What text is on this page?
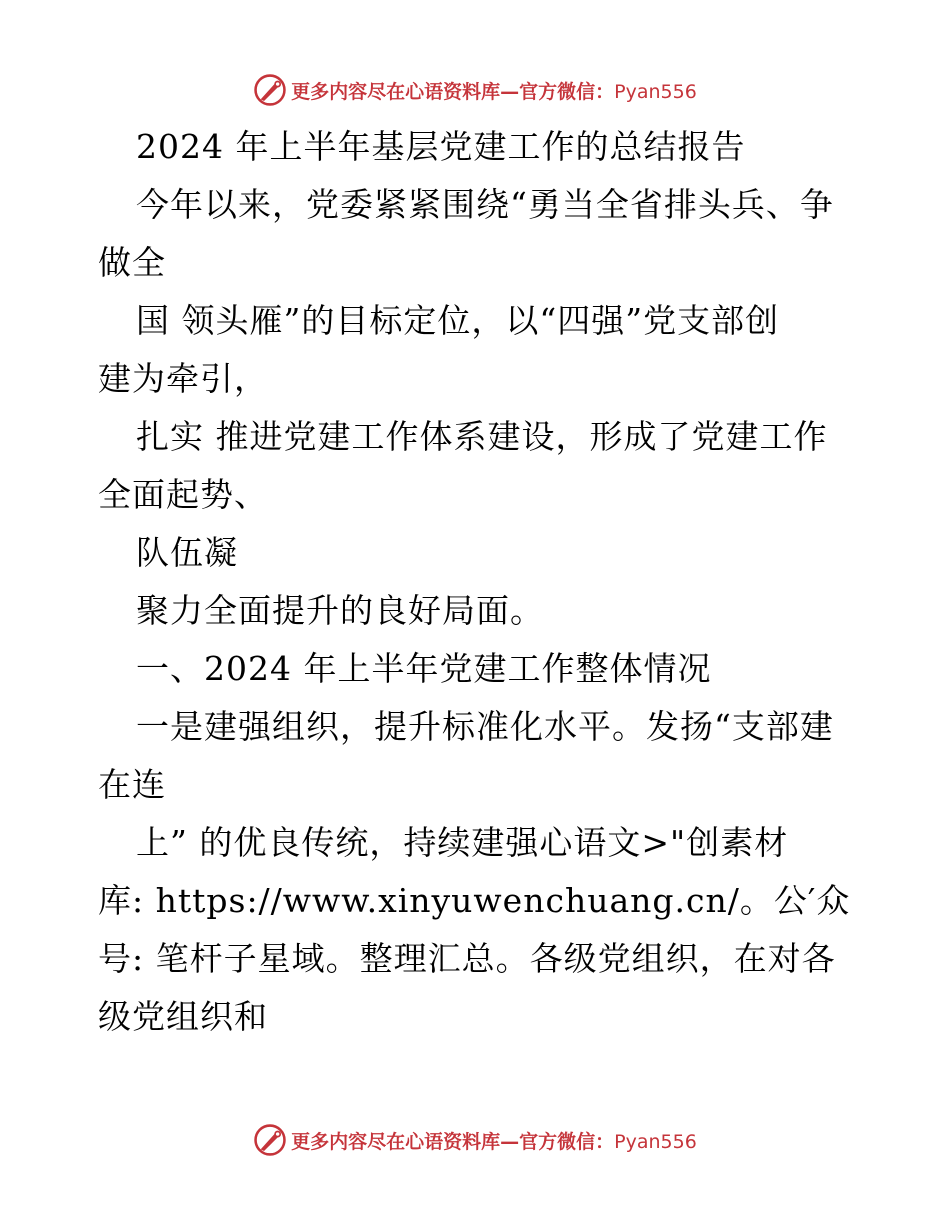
更多内容尽在心语资料库—官方微信：Pyan556
2024 年上半年基层党建工作的总结报告
今年以来，党委紧紧围绕“勇当全省排头兵、争
做全
国 领头雁”的目标定位，以“四强”党支部创
建为牵引，
扎实 推进党建工作体系建设，形成了党建工作
全面起势、
队伍凝
聚力全面提升的良好局面。
一、2024 年上半年党建工作整体情况
一是建强组织，提升标准化水平。发扬“支部建
在连
上” 的优良传统，持续建强心语文>"创素材
库: https://www.xinyuwenchuang.cn/。公′众
号: 笔杆子星域。整理汇总。各级党组织，在对各
级党组织和
更多内容尽在心语资料库—官方微信：Pyan556
